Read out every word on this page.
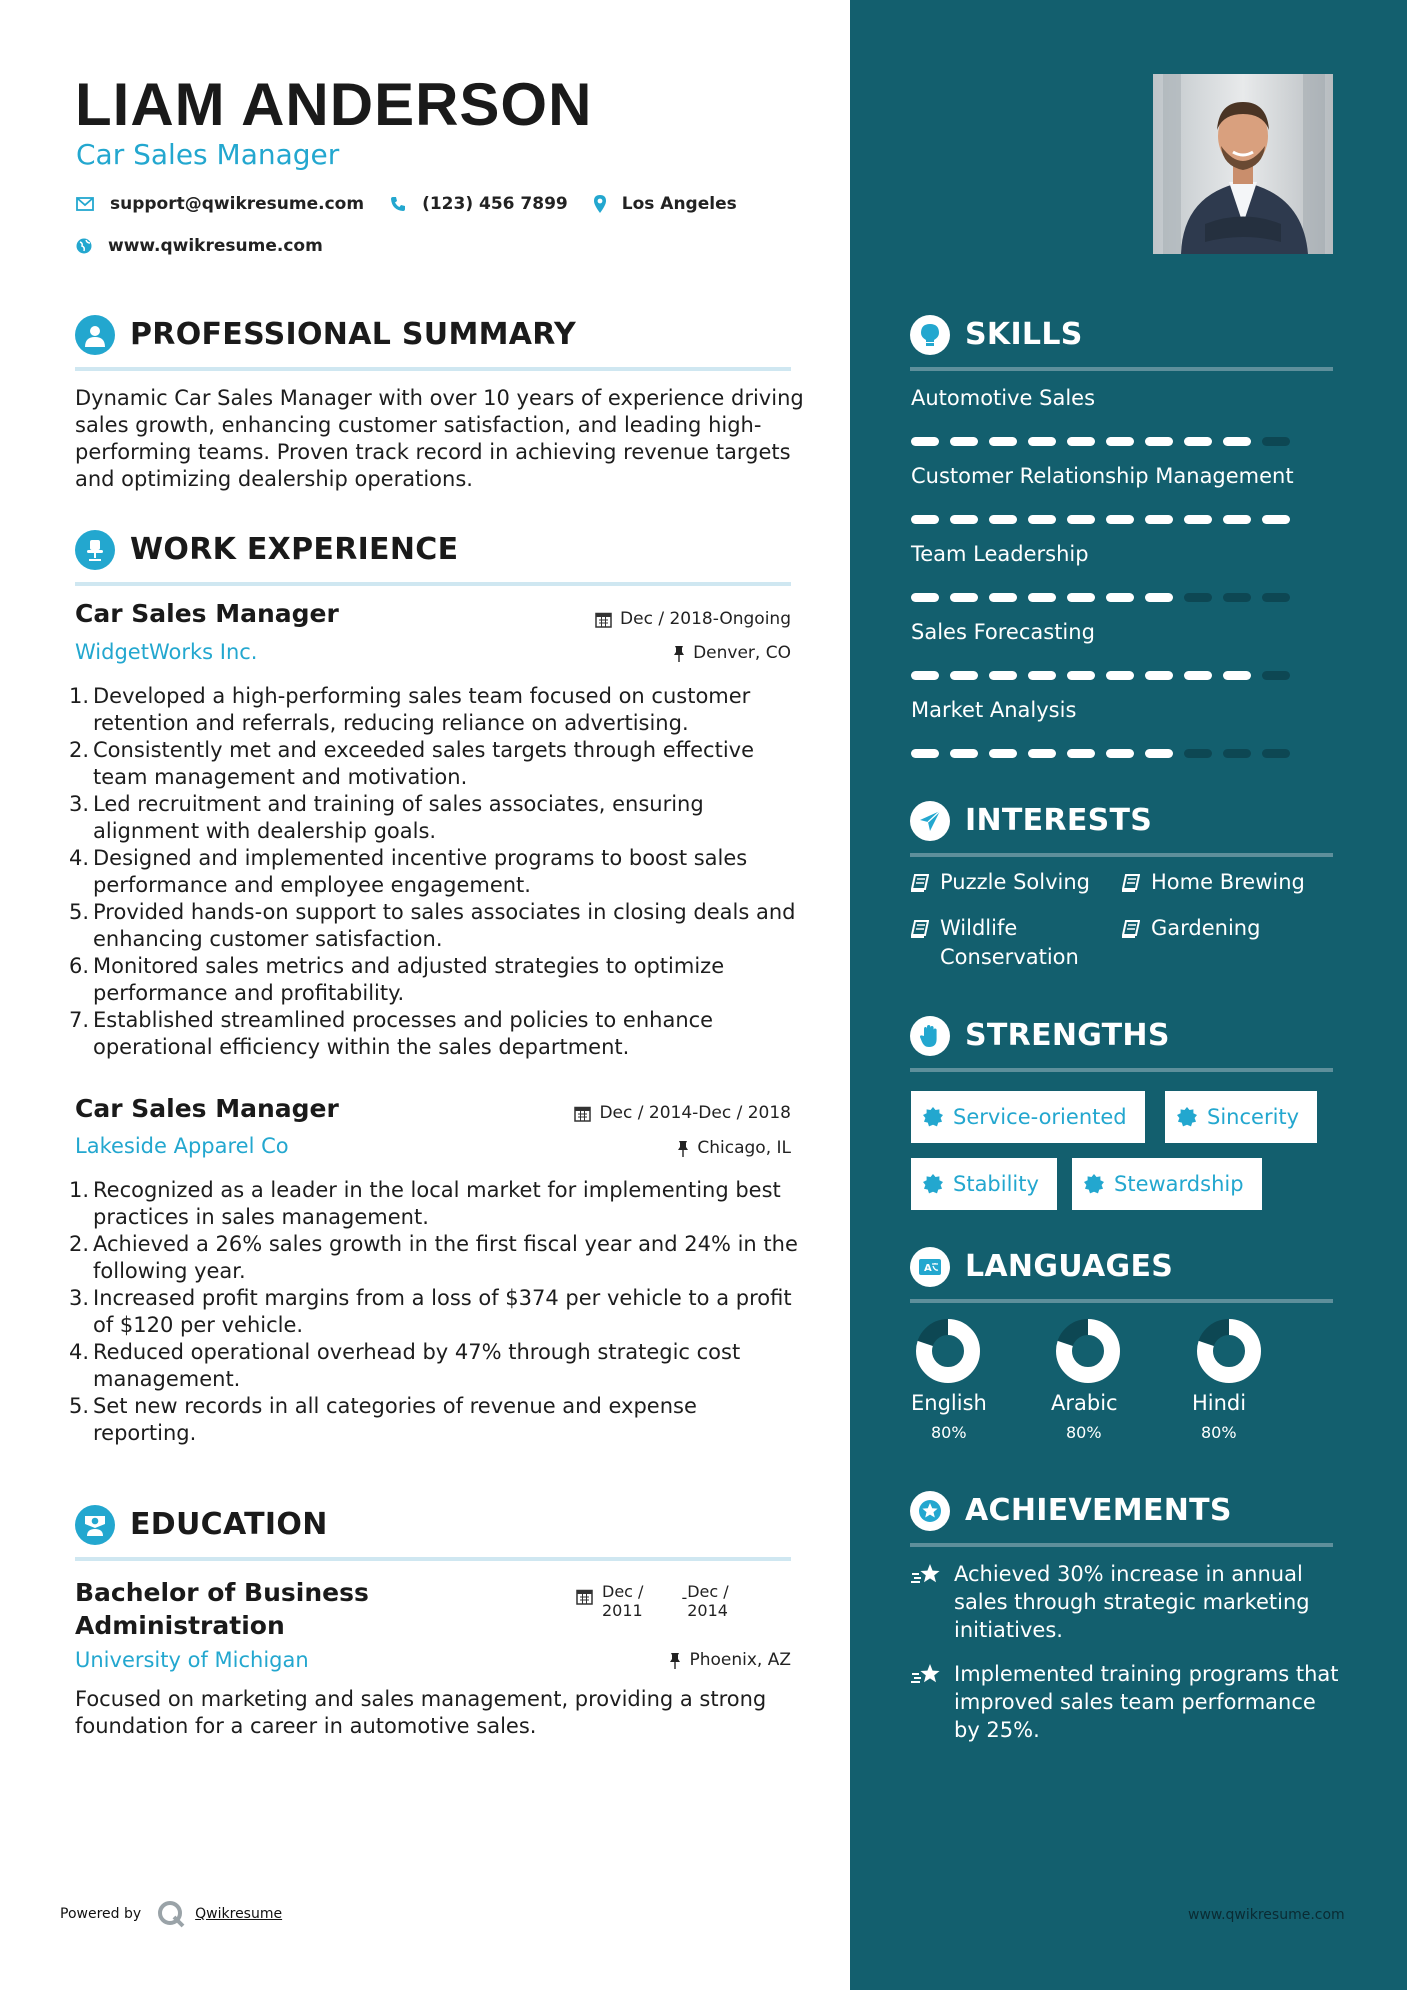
LIAM ANDERSON
Car Sales Manager
support@qwikresume.com	(123) 456 7899	Los Angeles
www.qwikresume.com
PROFESSIONAL SUMMARY
Dynamic Car Sales Manager with over 10 years of experience driving sales growth, enhancing customer satisfaction, and leading high-performing teams. Proven track record in achieving revenue targets and optimizing dealership operations.
WORK EXPERIENCE
Car Sales Manager	Dec / 2018-Ongoing
WidgetWorks Inc.	Denver, CO
1. Developed a high-performing sales team focused on customer retention and referrals, reducing reliance on advertising.
2. Consistently met and exceeded sales targets through effective team management and motivation.
3. Led recruitment and training of sales associates, ensuring alignment with dealership goals.
4. Designed and implemented incentive programs to boost sales performance and employee engagement.
5. Provided hands-on support to sales associates in closing deals and enhancing customer satisfaction.
6. Monitored sales metrics and adjusted strategies to optimize performance and profitability.
7. Established streamlined processes and policies to enhance operational efficiency within the sales department.
Car Sales Manager	Dec / 2014-Dec / 2018
Lakeside Apparel Co	Chicago, IL
1. Recognized as a leader in the local market for implementing best practices in sales management.
2. Achieved a 26% sales growth in the first fiscal year and 24% in the following year.
3. Increased profit margins from a loss of $374 per vehicle to a profit of $120 per vehicle.
4. Reduced operational overhead by 47% through strategic cost management.
5. Set new records in all categories of revenue and expense reporting.
EDUCATION
Bachelor of Business
Administration
Dec /
2011
- Dec /
2014
University of Michigan	Phoenix, AZ
Focused on marketing and sales management, providing a strong foundation for a career in automotive sales.
Powered by	Qwikresume
SKILLS
Automotive Sales
Customer Relationship Management
Team Leadership
Sales Forecasting
Market Analysis
INTERESTS
Puzzle Solving	Home Brewing
Wildlife Conservation
Gardening
STRENGTHS
Service-oriented	Sincerity
Stability	Stewardship
A LANGUAGES
English
80%
Arabic
80%
Hindi
80%
ACHIEVEMENTS
Achieved 30% increase in annual sales through strategic marketing initiatives.
Implemented training programs that improved sales team performance by 25%.
www.qwikresume.com
